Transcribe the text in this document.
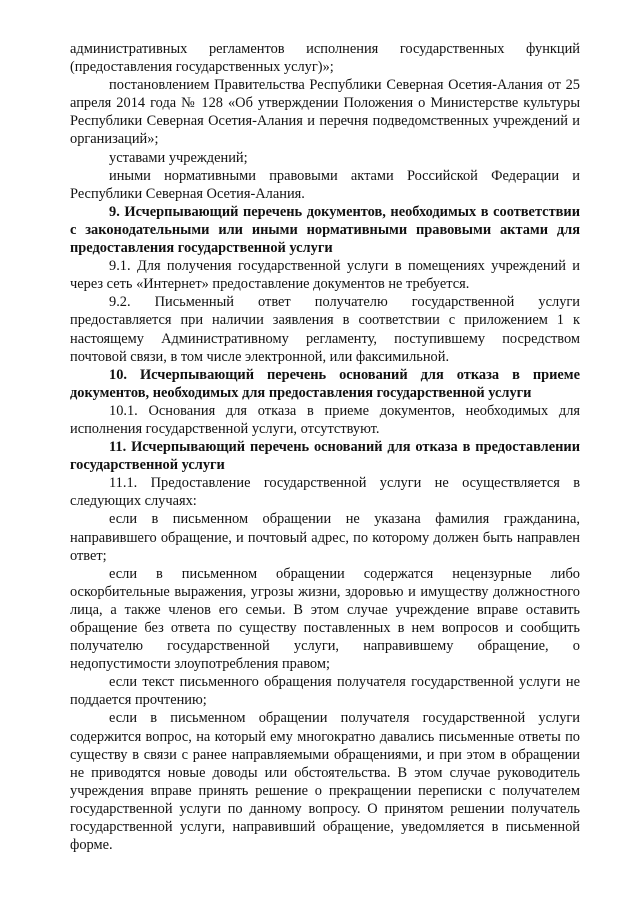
административных регламентов исполнения государственных функций (предоставления государственных услуг)»;

постановлением Правительства Республики Северная Осетия-Алания от 25 апреля 2014 года № 128 «Об утверждении Положения о Министерстве культуры Республики Северная Осетия-Алания и перечня подведомственных учреждений и организаций»;

уставами учреждений;

иными нормативными правовыми актами Российской Федерации и Республики Северная Осетия-Алания.

9. Исчерпывающий перечень документов, необходимых в соответствии с законодательными или иными нормативными правовыми актами для предоставления государственной услуги

9.1. Для получения государственной услуги в помещениях учреждений и через сеть «Интернет» предоставление документов не требуется.

9.2. Письменный ответ получателю государственной услуги предоставляется при наличии заявления в соответствии с приложением 1 к настоящему Административному регламенту, поступившему посредством почтовой связи, в том числе электронной, или факсимильной.

10. Исчерпывающий перечень оснований для отказа в приеме документов, необходимых для предоставления государственной услуги

10.1. Основания для отказа в приеме документов, необходимых для исполнения государственной услуги, отсутствуют.

11. Исчерпывающий перечень оснований для отказа в предоставлении государственной услуги

11.1. Предоставление государственной услуги не осуществляется в следующих случаях:

если в письменном обращении не указана фамилия гражданина, направившего обращение, и почтовый адрес, по которому должен быть направлен ответ;

если в письменном обращении содержатся нецензурные либо оскорбительные выражения, угрозы жизни, здоровью и имуществу должностного лица, а также членов его семьи. В этом случае учреждение вправе оставить обращение без ответа по существу поставленных в нем вопросов и сообщить получателю государственной услуги, направившему обращение, о недопустимости злоупотребления правом;

если текст письменного обращения получателя государственной услуги не поддается прочтению;

если в письменном обращении получателя государственной услуги содержится вопрос, на который ему многократно давались письменные ответы по существу в связи с ранее направляемыми обращениями, и при этом в обращении не приводятся новые доводы или обстоятельства. В этом случае руководитель учреждения вправе принять решение о прекращении переписки с получателем государственной услуги по данному вопросу. О принятом решении получатель государственной услуги, направивший обращение, уведомляется в письменной форме.
